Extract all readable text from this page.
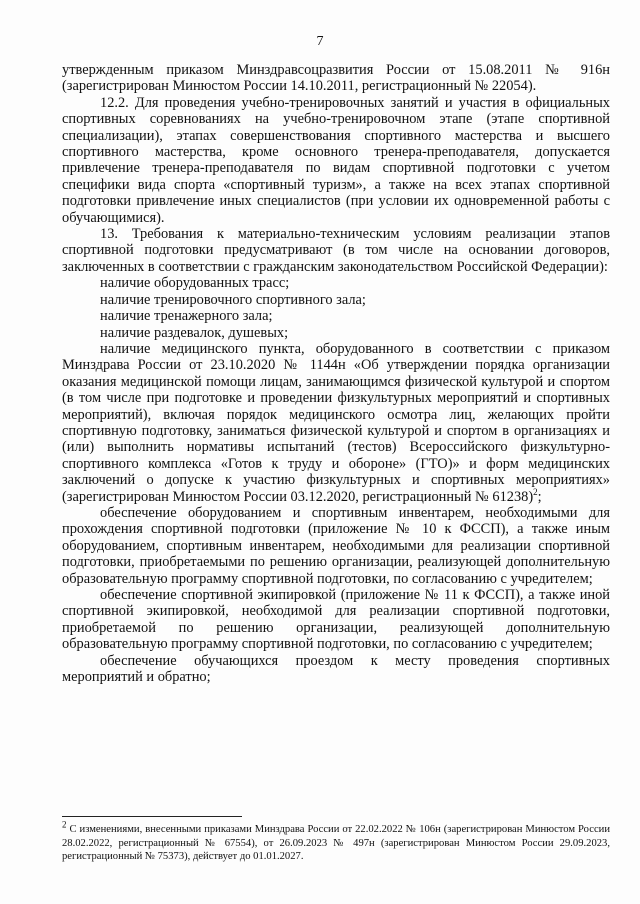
7

утвержденным приказом Минздравсоцразвития России от 15.08.2011 № 916н (зарегистрирован Минюстом России 14.10.2011, регистрационный № 22054).

12.2. Для проведения учебно-тренировочных занятий и участия в официальных спортивных соревнованиях на учебно-тренировочном этапе (этапе спортивной специализации), этапах совершенствования спортивного мастерства и высшего спортивного мастерства, кроме основного тренера-преподавателя, допускается привлечение тренера-преподавателя по видам спортивной подготовки с учетом специфики вида спорта «спортивный туризм», а также на всех этапах спортивной подготовки привлечение иных специалистов (при условии их одновременной работы с обучающимися).

13. Требования к материально-техническим условиям реализации этапов спортивной подготовки предусматривают (в том числе на основании договоров, заключенных в соответствии с гражданским законодательством Российской Федерации):

наличие оборудованных трасс;

наличие тренировочного спортивного зала;

наличие тренажерного зала;

наличие раздевалок, душевых;

наличие медицинского пункта, оборудованного в соответствии с приказом Минздрава России от 23.10.2020 № 1144н «Об утверждении порядка организации оказания медицинской помощи лицам, занимающимся физической культурой и спортом (в том числе при подготовке и проведении физкультурных мероприятий и спортивных мероприятий), включая порядок медицинского осмотра лиц, желающих пройти спортивную подготовку, заниматься физической культурой и спортом в организациях и (или) выполнить нормативы испытаний (тестов) Всероссийского физкультурно-спортивного комплекса «Готов к труду и обороне» (ГТО)» и форм медицинских заключений о допуске к участию физкультурных и спортивных мероприятиях» (зарегистрирован Минюстом России 03.12.2020, регистрационный № 61238)$^2$;

обеспечение оборудованием и спортивным инвентарем, необходимыми для прохождения спортивной подготовки (приложение № 10 к ФССП), а также иным оборудованием, спортивным инвентарем, необходимыми для реализации спортивной подготовки, приобретаемыми по решению организации, реализующей дополнительную образовательную программу спортивной подготовки, по согласованию с учредителем;

обеспечение спортивной экипировкой (приложение № 11 к ФССП), а также иной спортивной экипировкой, необходимой для реализации спортивной подготовки, приобретаемой по решению организации, реализующей дополнительную образовательную программу спортивной подготовки, по согласованию с учредителем;

обеспечение обучающихся проездом к месту проведения спортивных мероприятий и обратно;

$^2$ С изменениями, внесенными приказами Минздрава России от 22.02.2022 № 106н (зарегистрирован Минюстом России 28.02.2022, регистрационный № 67554), от 26.09.2023 № 497н (зарегистрирован Минюстом России 29.09.2023, регистрационный № 75373), действует до 01.01.2027.
